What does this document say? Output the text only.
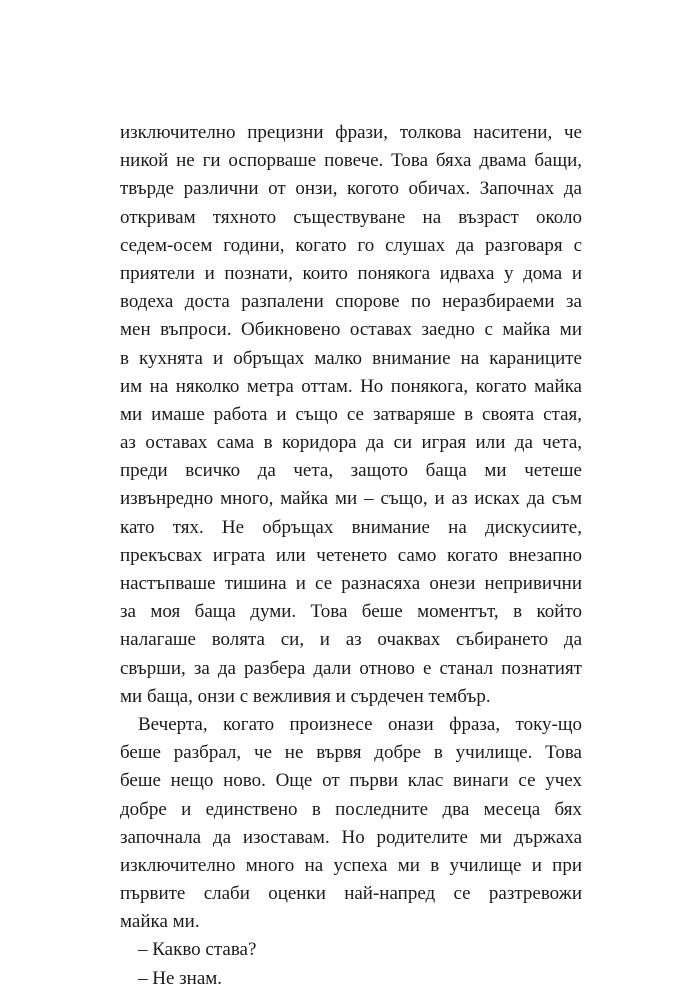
изключително прецизни фрази, толкова наситени, че
никой не ги оспорваше повече. Това бяха двама бащи,
твърде различни от онзи, когото обичах. Започнах да
откривам тяхното съществуване на възраст около
седем-осем години, когато го слушах да разговаря с
приятели и познати, които понякога идваха у дома и
водеха доста разпалени спорове по неразбираеми за
мен въпроси. Обикновено оставах заедно с майка ми
в кухнята и обръщах малко внимание на караниците
им на няколко метра оттам. Но понякога, когато майка
ми имаше работа и също се затваряше в своята стая,
аз оставах сама в коридора да си играя или да чета,
преди всичко да чета, защото баща ми четеше
извънредно много, майка ми – също, и аз исках да съм
като тях. Не обръщах внимание на дискусиите,
прекъсвах играта или четенето само когато внезапно
настъпваше тишина и се разнасяха онези непривични
за моя баща думи. Това беше моментът, в който
налагаше волята си, и аз очаквах събирането да
свърши, за да разбера дали отново е станал познатият
ми баща, онзи с вежливия и сърдечен тембър.
Вечерта, когато произнесе онази фраза, току-що
беше разбрал, че не вървя добре в училище. Това
беше нещо ново. Още от първи клас винаги се учех
добре и единствено в последните два месеца бях
започнала да изоставам. Но родителите ми държаха
изключително много на успеха ми в училище и при
първите слаби оценки най-напред се разтревожи
майка ми.
– Какво става?
– Не знам.
